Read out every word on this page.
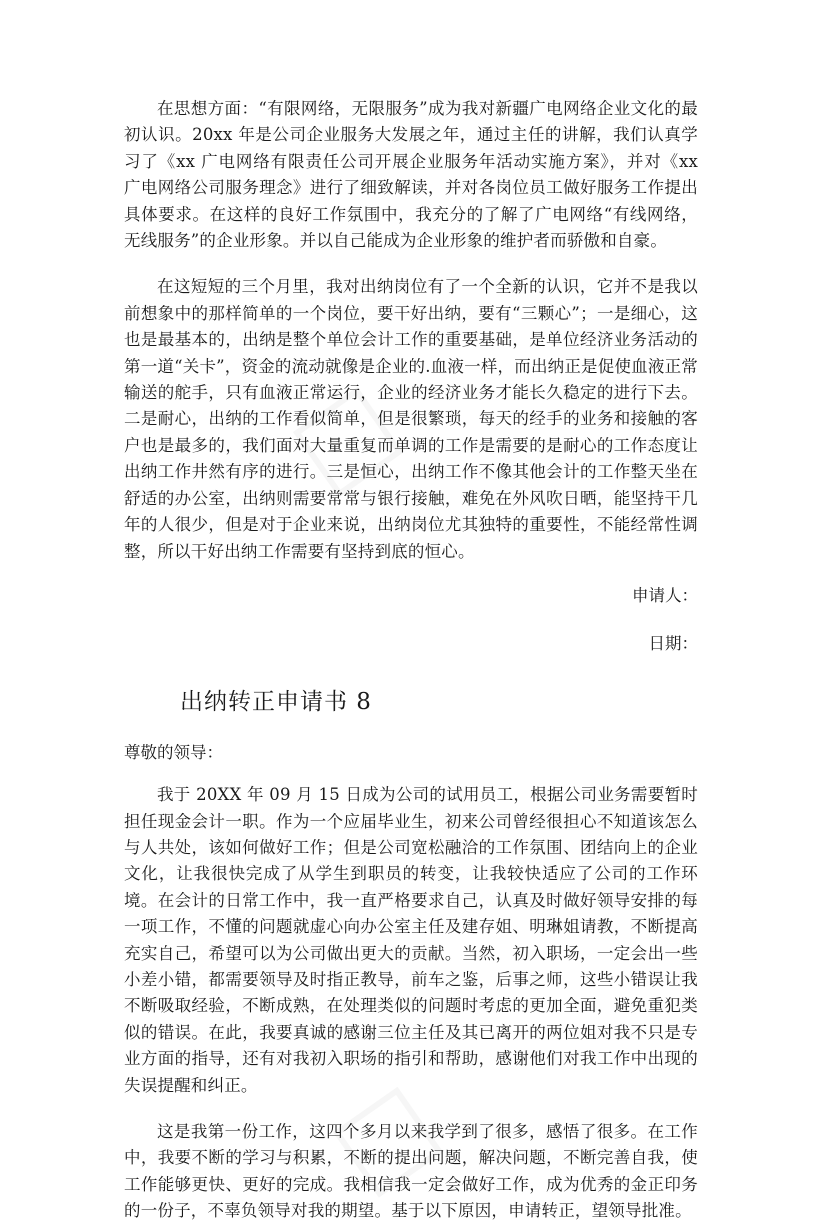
在思想方面：“有限网络，无限服务”成为我对新疆广电网络企业文化的最初认识。20xx 年是公司企业服务大发展之年，通过主任的讲解，我们认真学习了《xx 广电网络有限责任公司开展企业服务年活动实施方案》，并对《xx 广电网络公司服务理念》进行了细致解读，并对各岗位员工做好服务工作提出具体要求。在这样的良好工作氛围中，我充分的了解了广电网络“有线网络，无线服务”的企业形象。并以自己能成为企业形象的维护者而骄傲和自豪。

在这短短的三个月里，我对出纳岗位有了一个全新的认识，它并不是我以前想象中的那样简单的一个岗位，要干好出纳，要有“三颗心”；一是细心，这也是最基本的，出纳是整个单位会计工作的重要基础，是单位经济业务活动的第一道“关卡”，资金的流动就像是企业的.血液一样，而出纳正是促使血液正常输送的舵手，只有血液正常运行，企业的经济业务才能长久稳定的进行下去。二是耐心，出纳的工作看似简单，但是很繁琐，每天的经手的业务和接触的客户也是最多的，我们面对大量重复而单调的工作是需要的是耐心的工作态度让出纳工作井然有序的进行。三是恒心，出纳工作不像其他会计的工作整天坐在舒适的办公室，出纳则需要常常与银行接触，难免在外风吹日晒，能坚持干几年的人很少，但是对于企业来说，出纳岗位尤其独特的重要性，不能经常性调整，所以干好出纳工作需要有坚持到底的恒心。

申请人：

日期：

出纳转正申请书 8

尊敬的领导：

我于 20XX 年 09 月 15 日成为公司的试用员工，根据公司业务需要暂时担任现金会计一职。作为一个应届毕业生，初来公司曾经很担心不知道该怎么与人共处，该如何做好工作；但是公司宽松融洽的工作氛围、团结向上的企业文化，让我很快完成了从学生到职员的转变，让我较快适应了公司的工作环境。在会计的日常工作中，我一直严格要求自己，认真及时做好领导安排的每一项工作，不懂的问题就虚心向办公室主任及建存姐、明琳姐请教，不断提高充实自己，希望可以为公司做出更大的贡献。当然，初入职场，一定会出一些小差小错，都需要领导及时指正教导，前车之鉴，后事之师，这些小错误让我不断吸取经验，不断成熟，在处理类似的问题时考虑的更加全面，避免重犯类似的错误。在此，我要真诚的感谢三位主任及其已离开的两位姐对我不只是专业方面的指导，还有对我初入职场的指引和帮助，感谢他们对我工作中出现的失误提醒和纠正。

这是我第一份工作，这四个多月以来我学到了很多，感悟了很多。在工作中，我要不断的学习与积累，不断的提出问题，解决问题，不断完善自我，使工作能够更快、更好的完成。我相信我一定会做好工作，成为优秀的金正印务的一份子，不辜负领导对我的期望。基于以下原因，申请转正，望领导批准。
